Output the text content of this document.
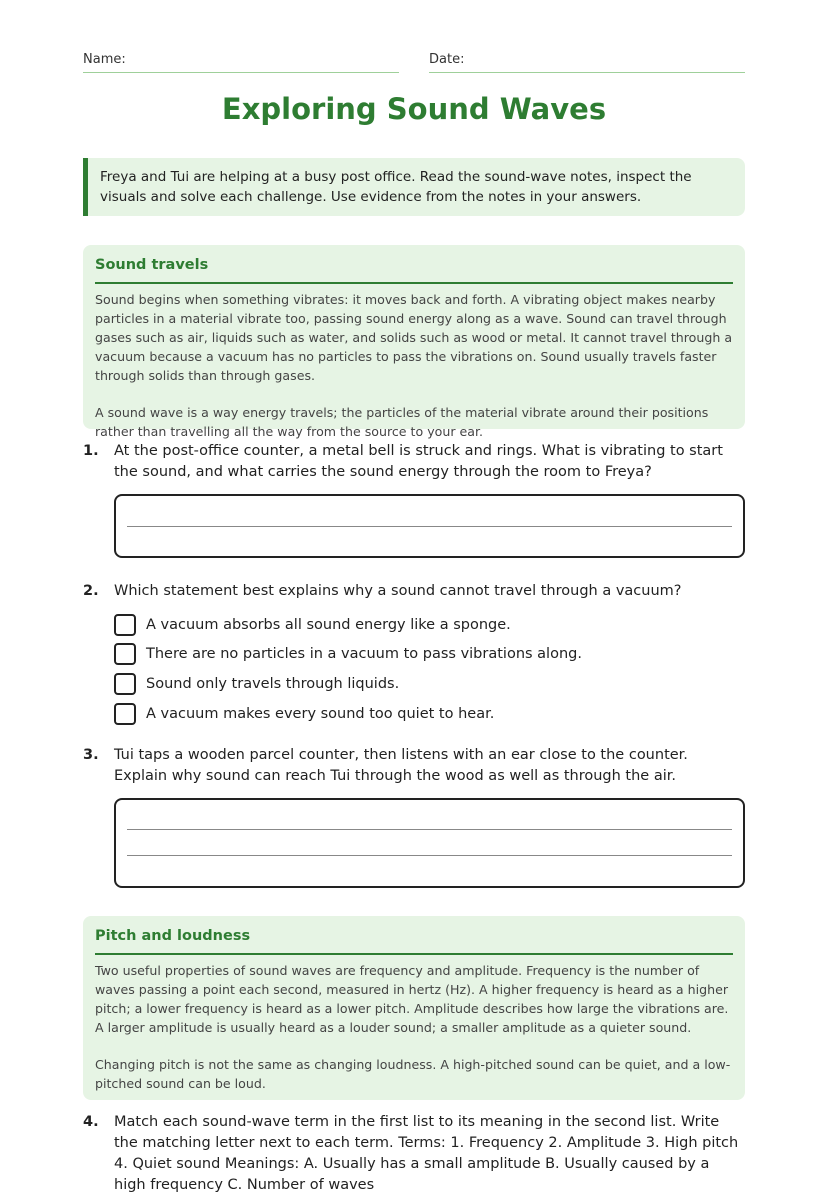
Name:	Date:
Exploring Sound Waves
Freya and Tui are helping at a busy post office. Read the sound-wave notes, inspect the visuals and solve each challenge. Use evidence from the notes in your answers.
Sound travels

Sound begins when something vibrates: it moves back and forth. A vibrating object makes nearby particles in a material vibrate too, passing sound energy along as a wave. Sound can travel through gases such as air, liquids such as water, and solids such as wood or metal. It cannot travel through a vacuum because a vacuum has no particles to pass the vibrations on. Sound usually travels faster through solids than through gases.

A sound wave is a way energy travels; the particles of the material vibrate around their positions rather than travelling all the way from the source to your ear.

1. At the post-office counter, a metal bell is struck and rings. What is vibrating to start the sound, and what carries the sound energy through the room to Freya?
2. Which statement best explains why a sound cannot travel through a vacuum?
A vacuum absorbs all sound energy like a sponge.
There are no particles in a vacuum to pass vibrations along.
Sound only travels through liquids.
A vacuum makes every sound too quiet to hear.
3. Tui taps a wooden parcel counter, then listens with an ear close to the counter. Explain why sound can reach Tui through the wood as well as through the air.
Pitch and loudness

Two useful properties of sound waves are frequency and amplitude. Frequency is the number of waves passing a point each second, measured in hertz (Hz). A higher frequency is heard as a higher pitch; a lower frequency is heard as a lower pitch. Amplitude describes how large the vibrations are. A larger amplitude is usually heard as a louder sound; a smaller amplitude as a quieter sound.

Changing pitch is not the same as changing loudness. A high-pitched sound can be quiet, and a low-pitched sound can be loud.

4. Match each sound-wave term in the first list to its meaning in the second list. Write the matching letter next to each term. Terms: 1. Frequency 2. Amplitude 3. High pitch 4. Quiet sound Meanings: A. Usually has a small amplitude B. Usually caused by a high frequency C. Number of waves
